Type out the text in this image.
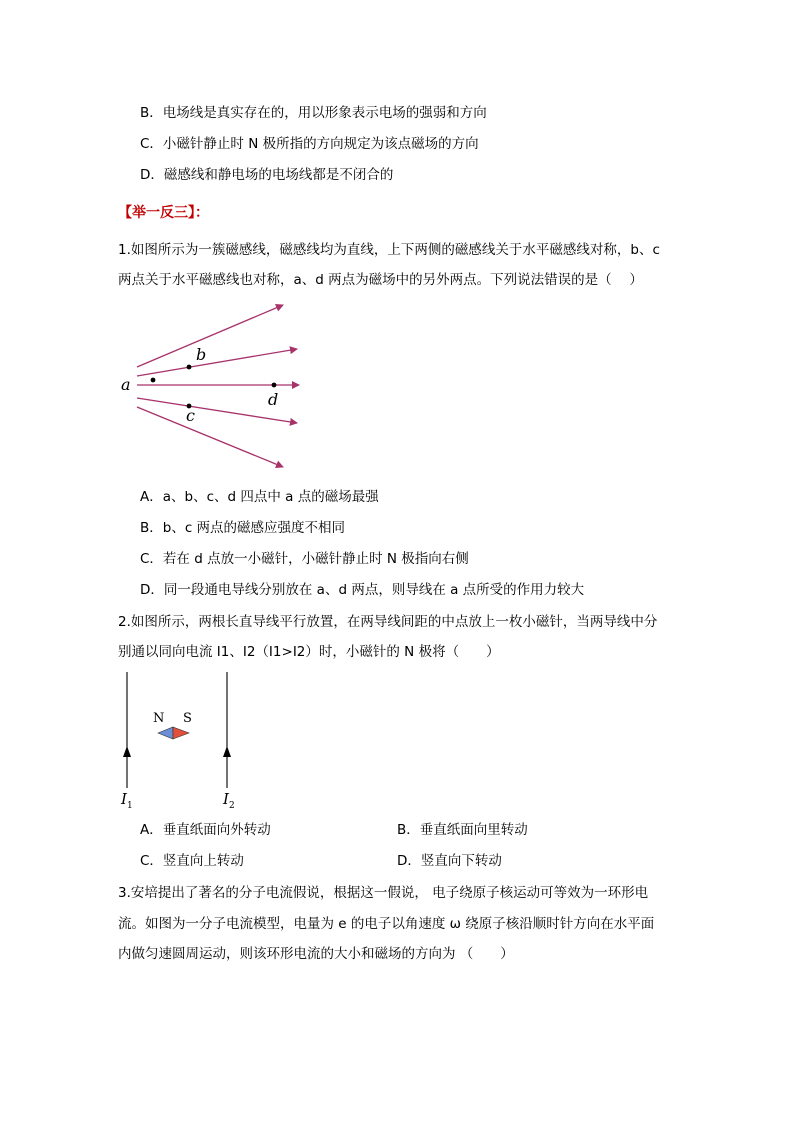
B．电场线是真实存在的，用以形象表示电场的强弱和方向
C．小磁针静止时 N 极所指的方向规定为该点磁场的方向
D．磁感线和静电场的电场线都是不闭合的
【举一反三】：
1.如图所示为一簇磁感线，磁感线均为直线，上下两侧的磁感线关于水平磁感线对称，b、c
两点关于水平磁感线也对称，a、d 两点为磁场中的另外两点。下列说法错误的是（　 ）
a
b
c
d
A．a、b、c、d 四点中 a 点的磁场最强
B．b、c 两点的磁感应强度不相同
C．若在 d 点放一小磁针，小磁针静止时 N 极指向右侧
D．同一段通电导线分别放在 a、d 两点，则导线在 a 点所受的作用力较大
2.如图所示，两根长直导线平行放置，在两导线间距的中点放上一枚小磁针，当两导线中分
别通以同向电流 I1、I2（I1>I2）时，小磁针的 N 极将（　　）
N S
$I_1$	$I_2$
A．垂直纸面向外转动	B．垂直纸面向里转动
C．竖直向上转动	D．竖直向下转动
3.安培提出了著名的分子电流假说，根据这一假说， 电子绕原子核运动可等效为一环形电
流。如图为一分子电流模型，电量为 e 的电子以角速度 ω 绕原子核沿顺时针方向在水平面
内做匀速圆周运动，则该环形电流的大小和磁场的方向为 （　　）
